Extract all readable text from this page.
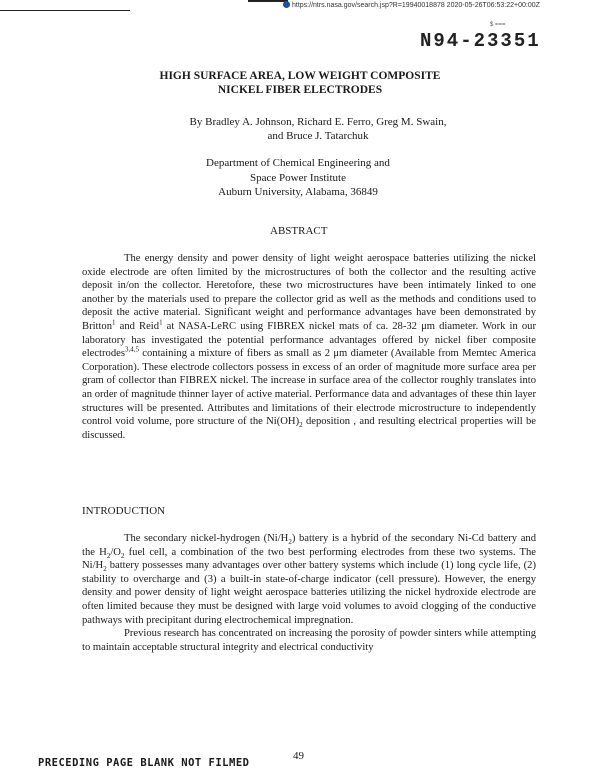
https://ntrs.nasa.gov/search.jsp?R=19940018878 2020-05-26T06:53:22+00:00Z
$ ===
N94-23351
HIGH SURFACE AREA, LOW WEIGHT COMPOSITE
NICKEL FIBER ELECTRODES
By Bradley A. Johnson, Richard E. Ferro, Greg M. Swain,
and Bruce J. Tatarchuk
Department of Chemical Engineering and
Space Power Institute
Auburn University, Alabama, 36849
ABSTRACT

The energy density and power density of light weight aerospace batteries utilizing the nickel oxide electrode are often limited by the microstructures of both the collector and the resulting active deposit in/on the collector. Heretofore, these two microstructures have been intimately linked to one another by the materials used to prepare the collector grid as well as the methods and conditions used to deposit the active material. Significant weight and performance advantages have been demonstrated by Britton$^1$ and Reid$^1$ at NASA-LeRC using FIBREX nickel mats of ca. 28-32 μm diameter. Work in our laboratory has investigated the potential performance advantages offered by nickel fiber composite electrodes$^{3,4,5}$ containing a mixture of fibers as small as 2 μm diameter (Available from Memtec America Corporation). These electrode collectors possess in excess of an order of magnitude more surface area per gram of collector than FIBREX nickel. The increase in surface area of the collector roughly translates into an order of magnitude thinner layer of active material. Performance data and advantages of these thin layer structures will be presented. Attributes and limitations of their electrode microstructure to independently control void volume, pore structure of the $Ni(OH)_2$ deposition , and resulting electrical properties will be discussed.

INTRODUCTION

The secondary nickel-hydrogen $(Ni/H_2)$ battery is a hybrid of the secondary Ni-Cd battery and the $H_2/O_2$ fuel cell, a combination of the two best performing electrodes from these two systems. The $Ni/H_2$ battery possesses many advantages over other battery systems which include (1) long cycle life, (2) stability to overcharge and (3) a built-in state-of-charge indicator (cell pressure). However, the energy density and power density of light weight aerospace batteries utilizing the nickel hydroxide electrode are often limited because they must be designed with large void volumes to avoid clogging of the conductive pathways with precipitant during electrochemical impregnation.

Previous research has concentrated on increasing the porosity of powder sinters while attempting to maintain acceptable structural integrity and electrical conductivity

49
PRECEDING PAGE BLANK NOT FILMED
